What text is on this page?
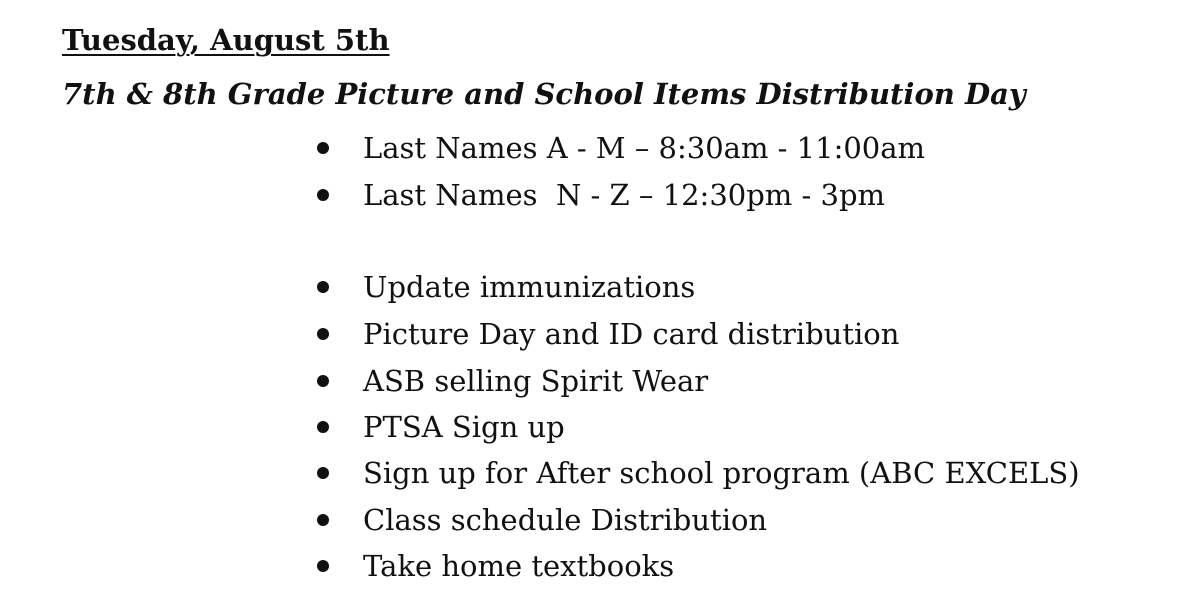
Tuesday, August 5th
7th & 8th Grade Picture and School Items Distribution Day
Last Names A - M – 8:30am - 11:00am
Last Names  N - Z – 12:30pm - 3pm
Update immunizations
Picture Day and ID card distribution
ASB selling Spirit Wear
PTSA Sign up
Sign up for After school program (ABC EXCELS)
Class schedule Distribution
Take home textbooks
